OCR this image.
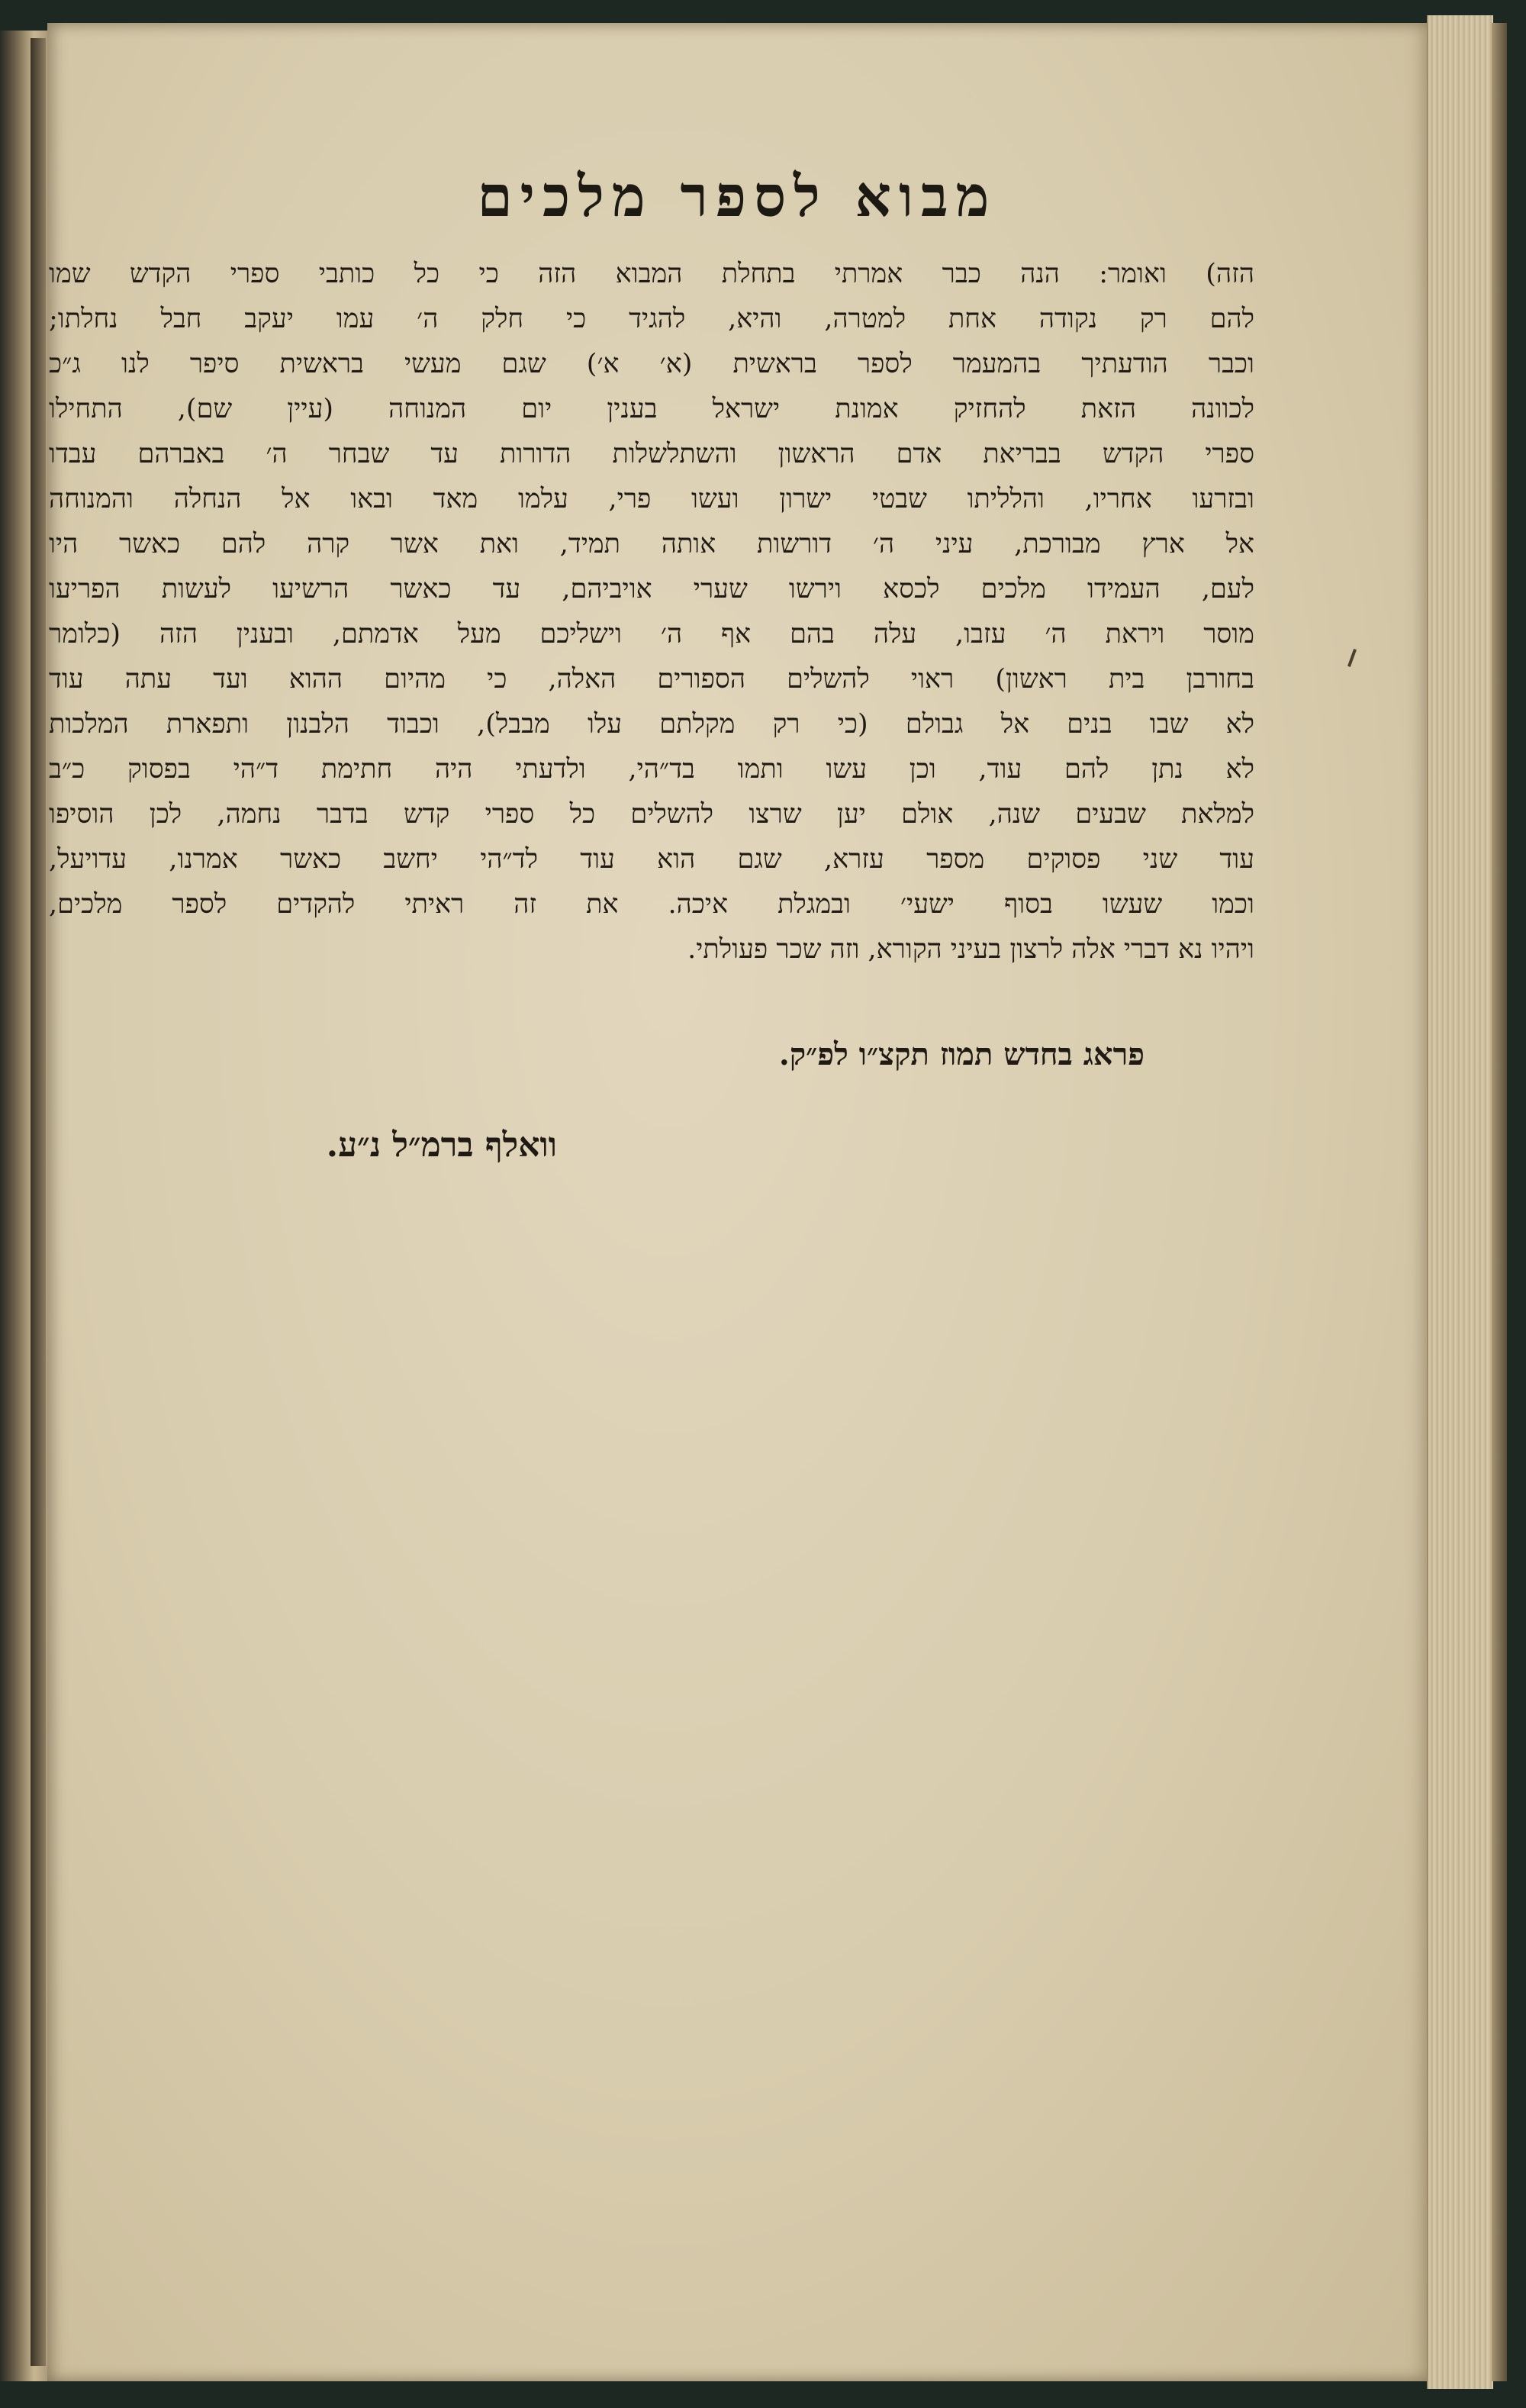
מבוא לספר מלכים
הזה) ואומר: הנה כבר אמרתי בתחלת המבוא הזה כי כל כותבי ספרי הקדש שמו
להם רק נקודה אחת למטרה, והיא, להגיד כי חלק ה׳ עמו יעקב חבל נחלתו;
וכבר הודעתיך בהמעמר לספר בראשית (א׳ א׳) שגם מעשי בראשית סיפר לנו ג״כ
לכוונה הזאת להחזיק אמונת ישראל בענין יום המנוחה (עיין שם), התחילו
ספרי הקדש בבריאת אדם הראשון והשתלשלות הדורות עד שבחר ה׳ באברהם עבדו
ובזרעו אחריו, והלליתו שבטי ישרון ועשו פרי, עלמו מאד ובאו אל הנחלה והמנוחה
אל ארץ מבורכת, עיני ה׳ דורשות אותה תמיד, ואת אשר קרה להם כאשר היו
לעם, העמידו מלכים לכסא וירשו שערי אויביהם, עד כאשר הרשיעו לעשות הפריעו
מוסר ויראת ה׳ עזבו, עלה בהם אף ה׳ וישליכם מעל אדמתם, ובענין הזה (כלומר
בחורבן בית ראשון) ראוי להשלים הספורים האלה, כי מהיום ההוא ועד עתה עוד
לא שבו בנים אל גבולם (כי רק מקלתם עלו מבבל), וכבוד הלבנון ותפארת המלכות
לא נתן להם עוד, וכן עשו ותמו בד״הי, ולדעתי היה חתימת ד״הי בפסוק כ״ב
למלאת שבעים שנה, אולם יען שרצו להשלים כל ספרי קדש בדבר נחמה, לכן הוסיפו
עוד שני פסוקים מספר עזרא, שגם הוא עוד לד״הי יחשב כאשר אמרנו, עדויעל,
וכמו שעשו בסוף ישעי׳ ובמגלת איכה. את זה ראיתי להקדים לספר מלכים,
ויהיו נא דברי אלה לרצון בעיני הקורא, וזה שכר פעולתי.
פראג בחדש תמוז תקצ״ו לפ״ק.
וואלף ברמ״ל נ״ע.
